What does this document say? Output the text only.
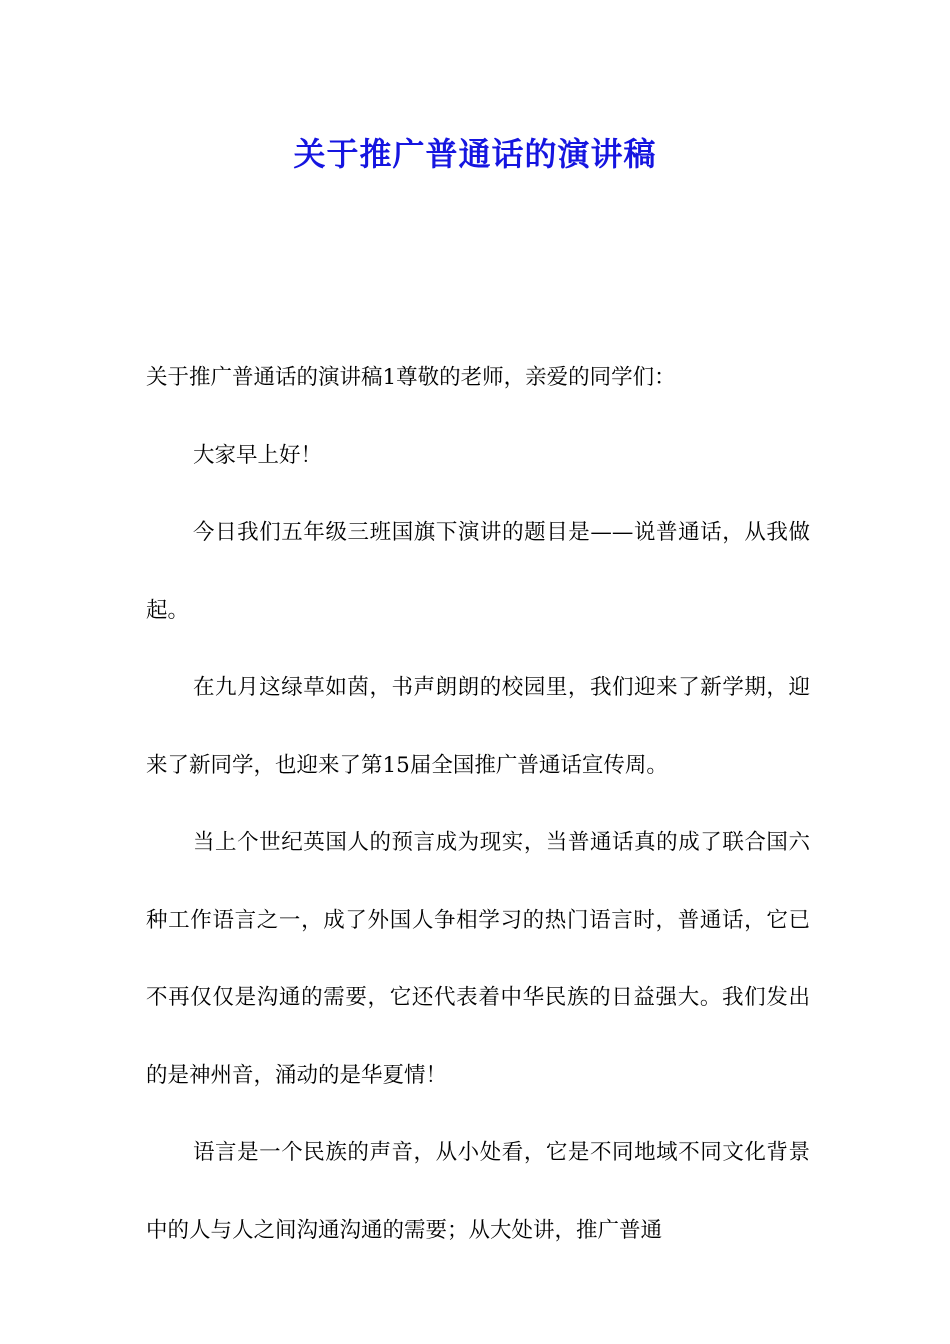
关于推广普通话的演讲稿

关于推广普通话的演讲稿1尊敬的老师，亲爱的同学们：

大家早上好！

今日我们五年级三班国旗下演讲的题目是——说普通话，从我做起。

在九月这绿草如茵，书声朗朗的校园里，我们迎来了新学期，迎来了新同学，也迎来了第15届全国推广普通话宣传周。

当上个世纪英国人的预言成为现实，当普通话真的成了联合国六种工作语言之一，成了外国人争相学习的热门语言时，普通话，它已不再仅仅是沟通的需要，它还代表着中华民族的日益强大。我们发出的是神州音，涌动的是华夏情！

语言是一个民族的声音，从小处看，它是不同地域不同文化背景中的人与人之间沟通沟通的需要；从大处讲，推广普通
